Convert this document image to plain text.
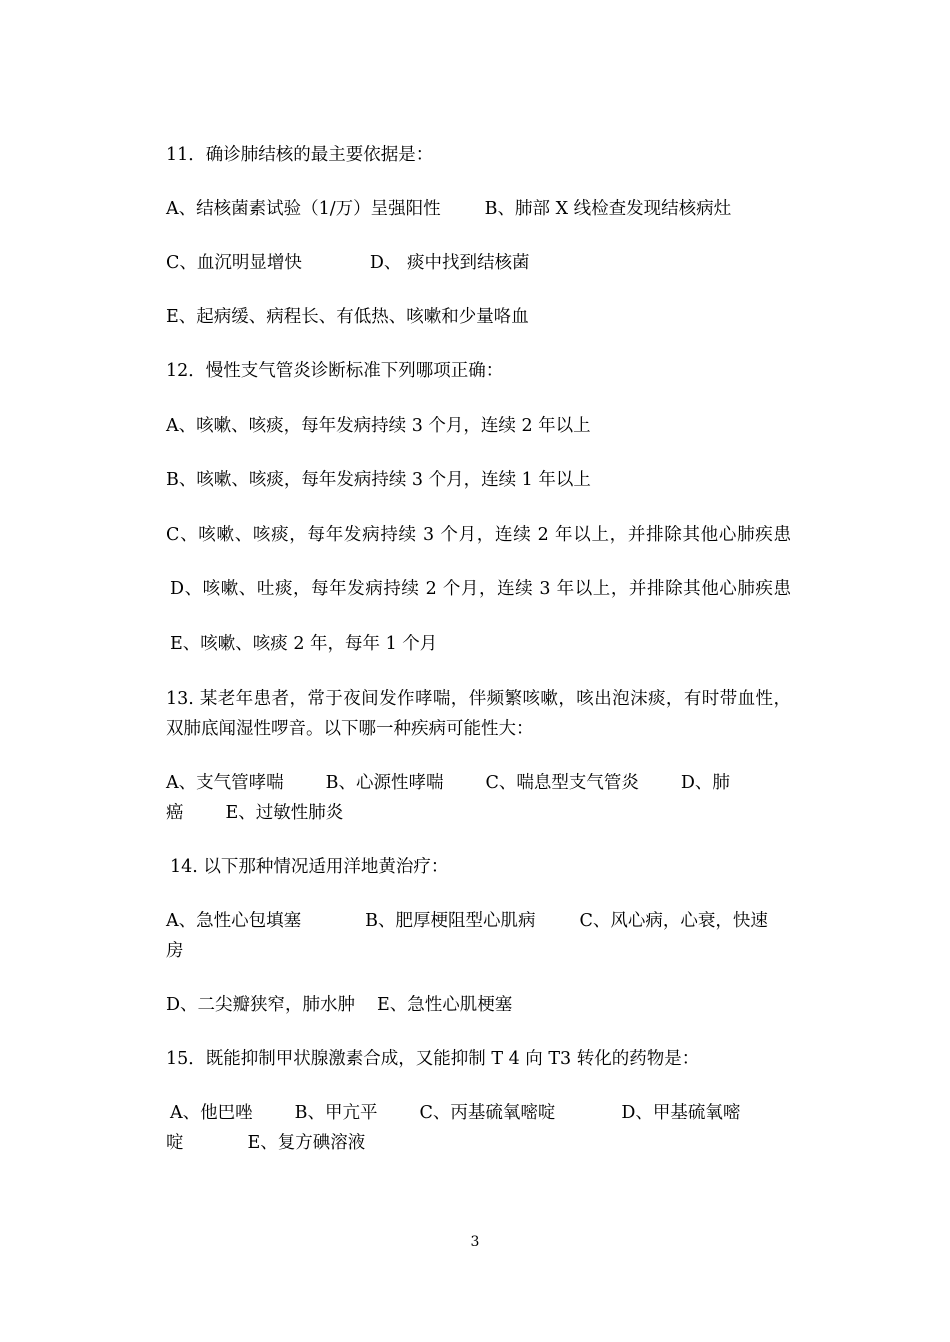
11．确诊肺结核的最主要依据是：
A、结核菌素试验（1/万）呈强阳性	B、肺部 X 线检查发现结核病灶
C、血沉明显增快	D、 痰中找到结核菌
E、起病缓、病程长、有低热、咳嗽和少量咯血
12．慢性支气管炎诊断标准下列哪项正确：
A、咳嗽、咳痰，每年发病持续 3 个月，连续 2 年以上
B、咳嗽、咳痰，每年发病持续 3 个月，连续 1 年以上
C、咳嗽、咳痰，每年发病持续 3 个月，连续 2 年以上，并排除其他心肺疾患
D、咳嗽、吐痰，每年发病持续 2 个月，连续 3 年以上，并排除其他心肺疾患
E、咳嗽、咳痰 2 年，每年 1 个月
13. 某老年患者，常于夜间发作哮喘，伴频繁咳嗽，咳出泡沫痰，有时带血性，
双肺底闻湿性啰音。以下哪一种疾病可能性大：
A、支气管哮喘 B、心源性哮喘 C、喘息型支气管炎 D、肺
癌 E、过敏性肺炎
14. 以下那种情况适用洋地黄治疗：
A、急性心包填塞	B、肥厚梗阻型心肌病	C、风心病，心衰，快速
房
D、二尖瓣狭窄，肺水肿 E、急性心肌梗塞
15．既能抑制甲状腺激素合成，又能抑制 T 4 向 T3 转化的药物是：
A、他巴唑 B、甲亢平 C、丙基硫氧嘧啶	D、甲基硫氧嘧
啶	E、复方碘溶液
3
